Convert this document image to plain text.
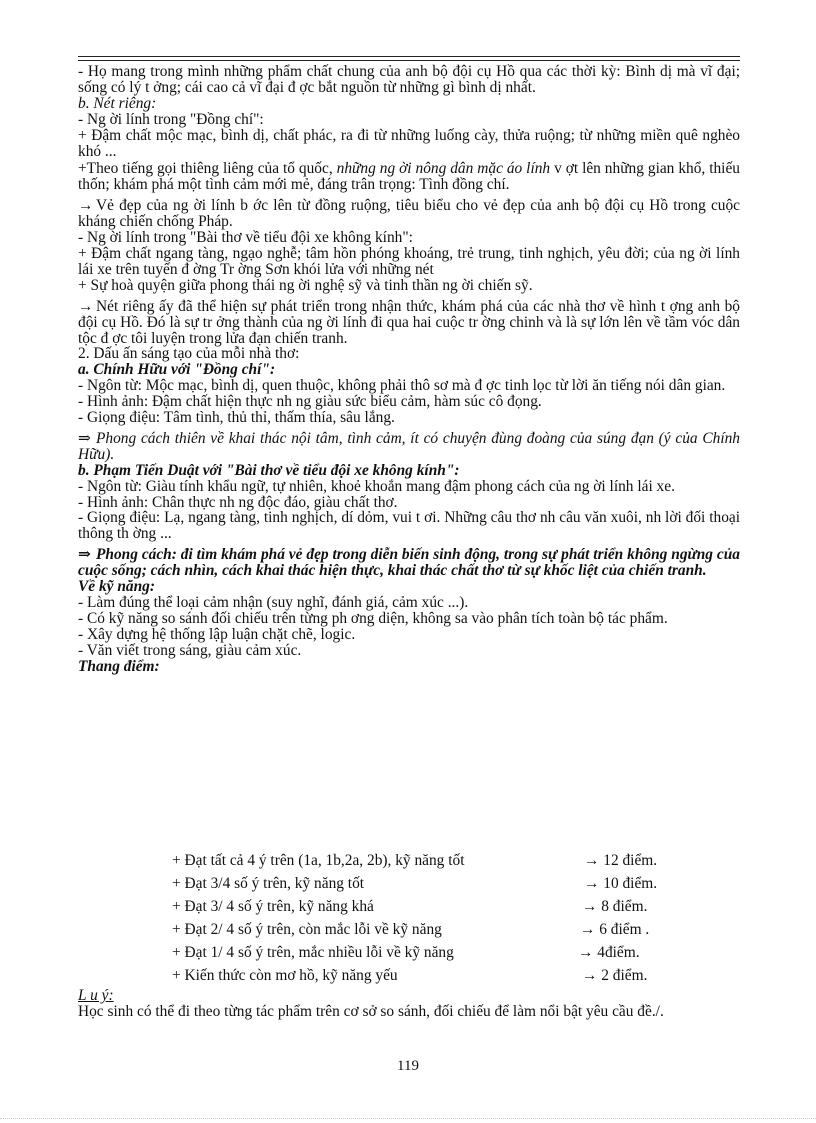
- Họ mang trong mình những phẩm chất chung của anh bộ đội cụ Hồ qua các thời kỳ: Bình dị mà vĩ đại; sống có lý t ởng; cái cao cả vĩ đại đ ợc bắt nguồn từ những gì bình dị nhất.

b. Nét riêng:

- Ng ời lính trong "Đồng chí":

+ Đậm chất mộc mạc, bình dị, chất phác, ra đi từ những luống cày, thửa ruộng; từ những miền quê nghèo khó ...

+Theo tiếng gọi thiêng liêng của tổ quốc, những ng ời nông dân mặc áo lính v ợt lên những gian khổ, thiếu thốn; khám phá một tình cảm mới mẻ, đáng trân trọng: Tình đồng chí.

→ Vẻ đẹp của ng ời lính b ớc lên từ đồng ruộng, tiêu biểu cho vẻ đẹp của anh bộ đội cụ Hồ trong cuộc kháng chiến chống Pháp.

- Ng ời lính trong "Bài thơ về tiểu đội xe không kính":

+ Đậm chất ngang tàng, ngạo nghễ; tâm hồn phóng khoáng, trẻ trung, tinh nghịch, yêu đời; của ng ời lính lái xe trên tuyến đ ờng Tr ờng Sơn khói lửa với những nét

+ Sự hoà quyện giữa phong thái ng ời nghệ sỹ và tinh thần ng ời chiến sỹ.

→ Nét riêng ấy đã thể hiện sự phát triển trong nhận thức, khám phá của các nhà thơ về hình t ợng anh bộ đội cụ Hồ. Đó là sự tr ởng thành của ng ời lính đi qua hai cuộc tr ờng chinh và là sự lớn lên về tầm vóc dân tộc đ ợc tôi luyện trong lửa đạn chiến tranh.

2. Dấu ấn sáng tạo của mỗi nhà thơ:

a. Chính Hữu với "Đồng chí":

- Ngôn từ: Mộc mạc, bình dị, quen thuộc, không phải thô sơ mà đ ợc tinh lọc từ lời ăn tiếng nói dân gian.

- Hình ảnh: Đậm chất hiện thực nh ng giàu sức biểu cảm, hàm súc cô đọng.

- Giọng điệu: Tâm tình, thủ thỉ, thấm thía, sâu lắng.

⇒ Phong cách thiên về khai thác nội tâm, tình cảm, ít có chuyện đùng đoàng của súng đạn (ý của Chính Hữu).

b. Phạm Tiến Duật với "Bài thơ về tiểu đội xe không kính":

- Ngôn từ: Giàu tính khẩu ngữ, tự nhiên, khoẻ khoắn mang đậm phong cách của ng ời lính lái xe.

- Hình ảnh: Chân thực nh ng độc đáo, giàu chất thơ.

- Giọng điệu: Lạ, ngang tàng, tinh nghịch, dí dỏm, vui t ơi. Những câu thơ nh câu văn xuôi, nh lời đối thoại thông th ờng ...

⇒ Phong cách: đi tìm khám phá vẻ đẹp trong diễn biến sinh động, trong sự phát triển không ngừng của cuộc sống; cách nhìn, cách khai thác hiện thực, khai thác chất thơ từ sự khốc liệt của chiến tranh.

Về kỹ năng:

- Làm đúng thể loại cảm nhận (suy nghĩ, đánh giá, cảm xúc ...).

- Có kỹ năng so sánh đối chiếu trên từng ph ơng diện, không sa vào phân tích toàn bộ tác phẩm.

- Xây dựng hệ thống lập luận chặt chẽ, logic.

- Văn viết trong sáng, giàu cảm xúc.

Thang điểm:

+ Đạt tất cả 4 ý trên (1a, 1b,2a, 2b), kỹ năng tốt	→ 12 điểm.
+ Đạt 3/4 số ý trên, kỹ năng tốt	→ 10 điểm.
+ Đạt 3/ 4 số ý trên, kỹ năng khá	→ 8 điểm.
+ Đạt 2/ 4 số ý trên, còn mắc lỗi về kỹ năng	→ 6 điểm .
+ Đạt 1/ 4 số ý trên, mắc nhiều lỗi về kỹ năng	→ 4điểm.
+ Kiến thức còn mơ hồ, kỹ năng yếu	→ 2 điểm.

L u ý:

Học sinh có thể đi theo từng tác phẩm trên cơ sở so sánh, đối chiếu để làm nổi bật yêu cầu đề./.

119
